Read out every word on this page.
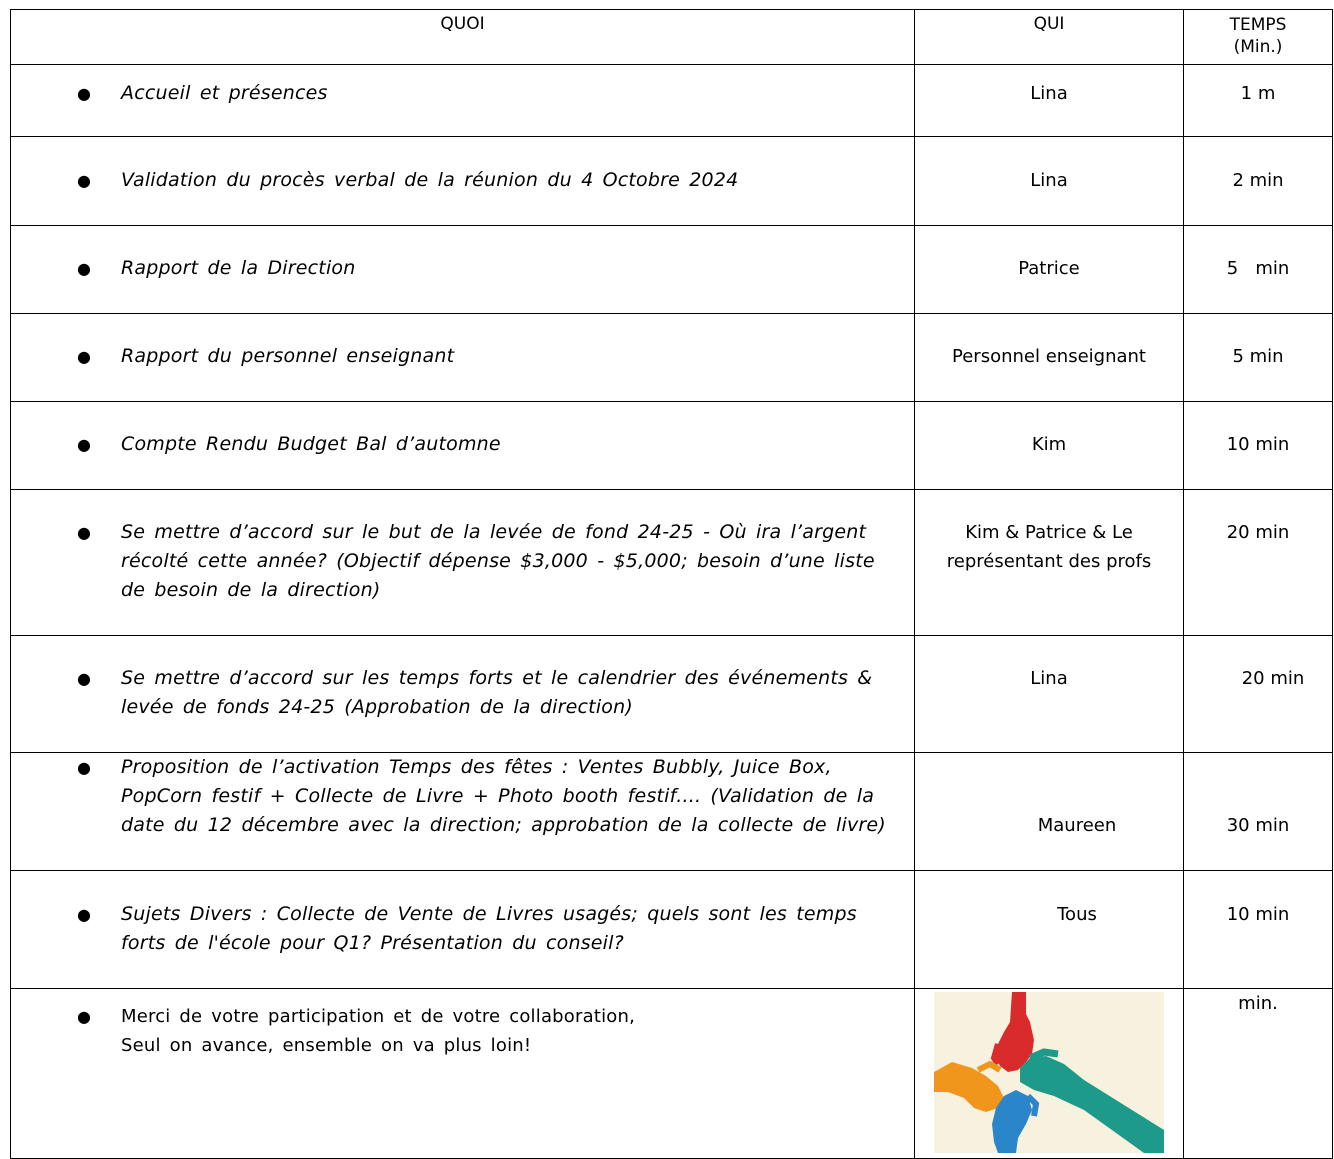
QUOI	QUI	TEMPS
(Min.)

● Accueil et présences	Lina	1 m

● Validation du procès verbal de la réunion du 4 Octobre 2024	Lina	2 min

● Rapport de la Direction	Patrice	5   min

● Rapport du personnel enseignant	Personnel enseignant	5 min

● Compte Rendu Budget Bal d’automne	Kim	10 min

● Se mettre d’accord sur le but de la levée de fond 24-25 - Où ira l’argent récolté cette année? (Objectif dépense $3,000 - $5,000; besoin d’une liste de besoin de la direction)	Kim & Patrice & Le représentant des profs	20 min

● Se mettre d’accord sur les temps forts et le calendrier des événements & levée de fonds 24-25 (Approbation de la direction)	Lina	20 min

● Proposition de l’activation Temps des fêtes : Ventes Bubbly, Juice Box, PopCorn festif + Collecte de Livre + Photo booth festif.... (Validation de la date du 12 décembre avec la direction; approbation de la collecte de livre)	Maureen	30 min

● Sujets Divers : Collecte de Vente de Livres usagés; quels sont les temps forts de l'école pour Q1? Présentation du conseil?	Tous	10 min

● Merci de votre participation et de votre collaboration,
Seul on avance, ensemble on va plus loin!		min.
